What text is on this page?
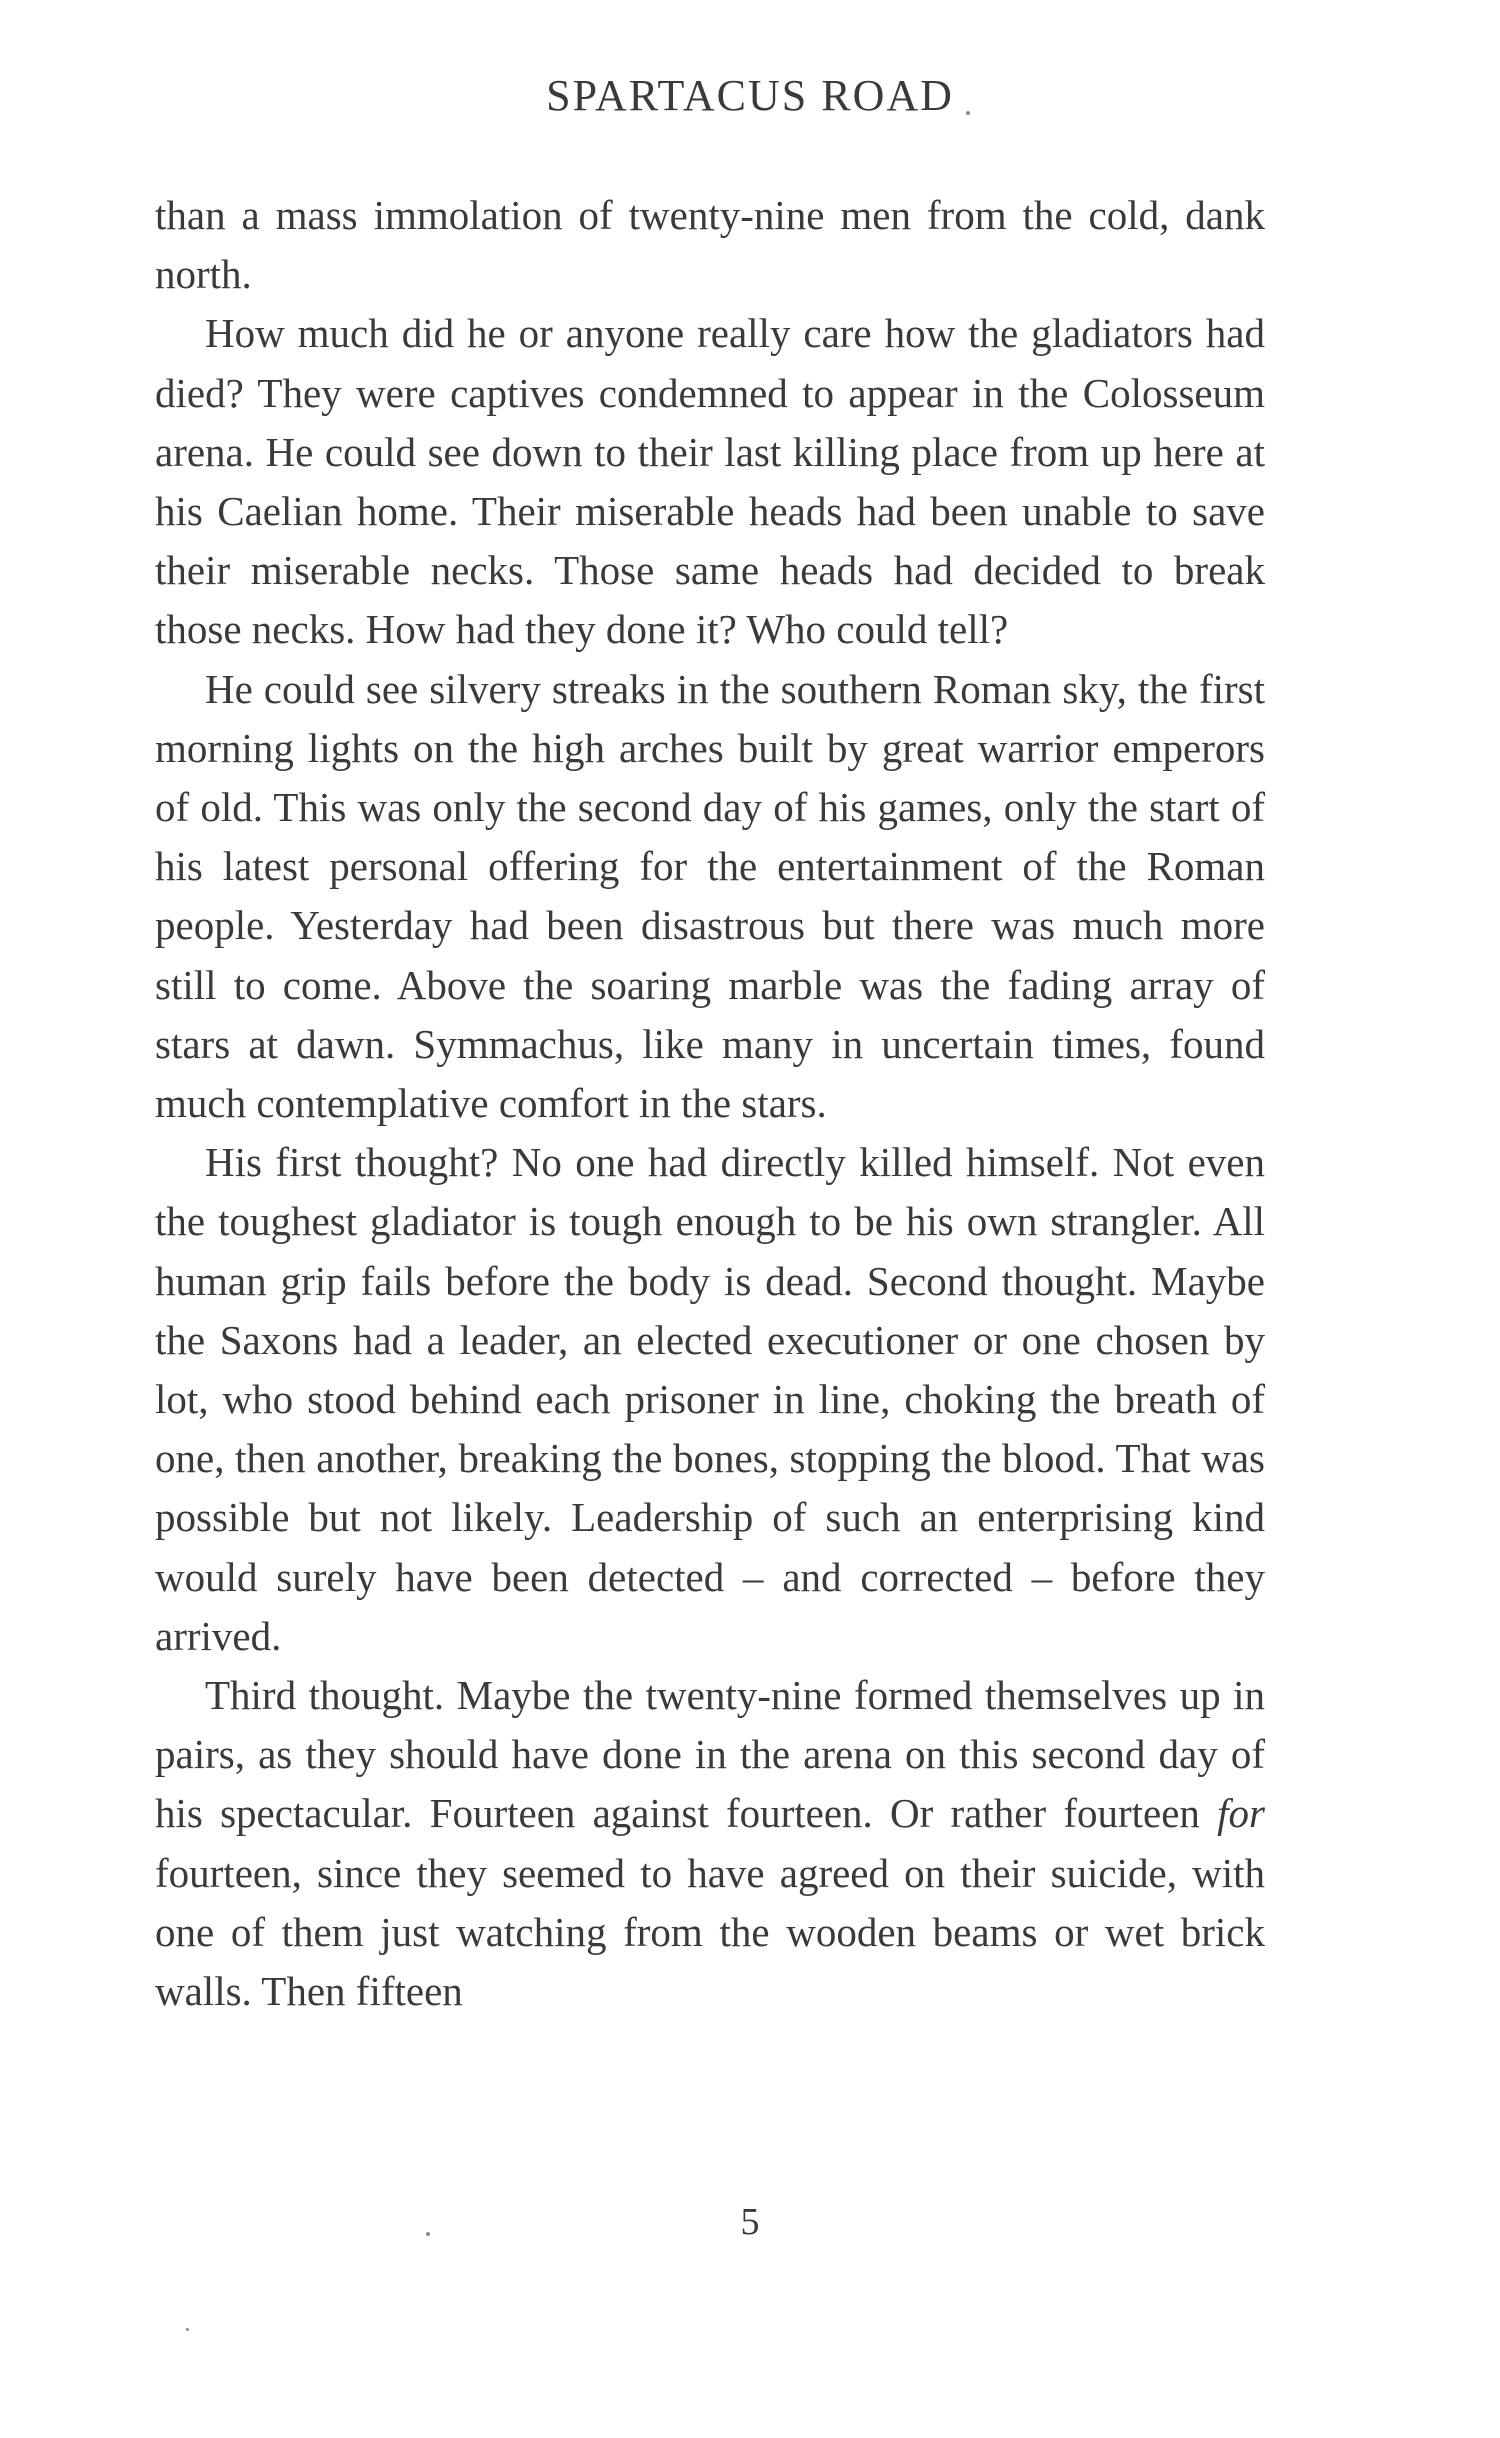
SPARTACUS ROAD

than a mass immolation of twenty-nine men from the cold, dank north.

How much did he or anyone really care how the gladiators had died? They were captives condemned to appear in the Colosseum arena. He could see down to their last killing place from up here at his Caelian home. Their miserable heads had been unable to save their miserable necks. Those same heads had decided to break those necks. How had they done it? Who could tell?

He could see silvery streaks in the southern Roman sky, the first morning lights on the high arches built by great warrior emperors of old. This was only the second day of his games, only the start of his latest personal offering for the entertainment of the Roman people. Yesterday had been disastrous but there was much more still to come. Above the soaring marble was the fading array of stars at dawn. Symmachus, like many in uncertain times, found much contemplative comfort in the stars.

His first thought? No one had directly killed himself. Not even the toughest gladiator is tough enough to be his own strangler. All human grip fails before the body is dead. Second thought. Maybe the Saxons had a leader, an elected executioner or one chosen by lot, who stood behind each prisoner in line, choking the breath of one, then another, breaking the bones, stopping the blood. That was possible but not likely. Leadership of such an enterprising kind would surely have been detected – and corrected – before they arrived.

Third thought. Maybe the twenty-nine formed themselves up in pairs, as they should have done in the arena on this second day of his spectacular. Fourteen against fourteen. Or rather fourteen for fourteen, since they seemed to have agreed on their suicide, with one of them just watching from the wooden beams or wet brick walls. Then fifteen

5
